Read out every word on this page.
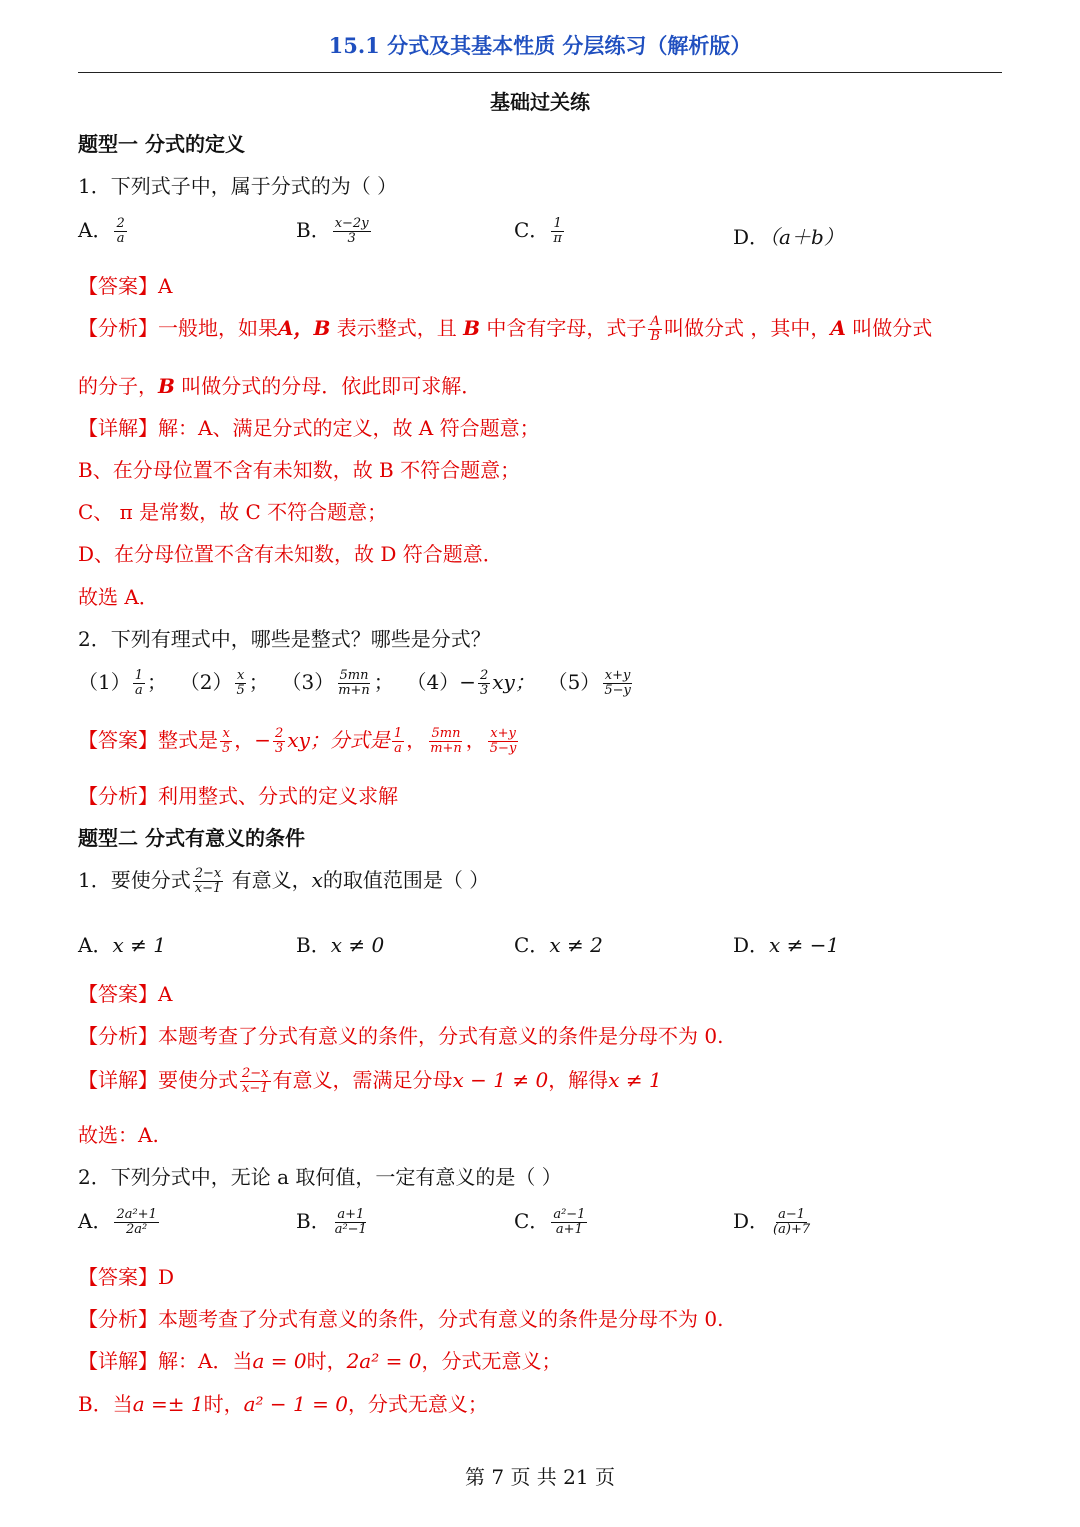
15.1 分式及其基本性质 分层练习（解析版）
基础过关练
题型一 分式的定义
1．下列式子中，属于分式的为（ ）
A． $\frac{2}{a}$	B． $\frac{x-2y}{3}$	C． $\frac{1}{\pi}$	D．（a＋b）
【答案】A
【分析】一般地，如果A，B 表示整式，且 B 中含有字母，式子 $\frac{A}{B}$ 叫做分式 ，其中，A 叫做分式
的分子，B 叫做分式的分母．依此即可求解．
【详解】解：A、满足分式的定义，故 A 符合题意；
B、在分母位置不含有未知数，故 B 不符合题意；
C、 π 是常数，故 C 不符合题意；
D、在分母位置不含有未知数，故 D 符合题意．
故选 A．
2．下列有理式中，哪些是整式？哪些是分式？
$(1) \frac{1}{a}$ ； $(2) \frac{x}{5}$ ； $(3) \frac{5mn}{m+n}$ ； $(4)- \frac{2}{3}$ xy； $(5) \frac{x+y}{5-y}$
【答案】整式是 $\frac{x}{5}$ ，− $\frac{2}{3}$ xy；分式是 $\frac{1}{a}$ ， $\frac{5mn}{m+n}$ ， $\frac{x+y}{5-y}$
【分析】利用整式、分式的定义求解
题型二 分式有意义的条件
1．要使分式 $\frac{2-x}{x-1}$ 有意义，x的取值范围是（ ）
A．x ≠ 1	B．x ≠ 0	C．x ≠ 2	D．x ≠ −1
【答案】A
【分析】本题考查了分式有意义的条件，分式有意义的条件是分母不为 0.
【详解】要使分式 $\frac{2-x}{x-1}$ 有意义，需满足分母x − 1 ≠ 0，解得x ≠ 1
故选：A.
2．下列分式中，无论 a 取何值，一定有意义的是（ ）
A． $\frac{\text{2a²+1}}{\text{2a²}}$	B． $\frac{a+1}{\text{a²−1}}$	C． $\frac{\text{a²−1}}{a+1}$	D． $\frac{a-1}{(a)+7}$
【答案】D
【分析】本题考查了分式有意义的条件，分式有意义的条件是分母不为 0.
【详解】解：A．当a = 0时，2a² = 0，分式无意义；
B．当a =± 1时，a² − 1 = 0，分式无意义；
第 7 页 共 21 页
